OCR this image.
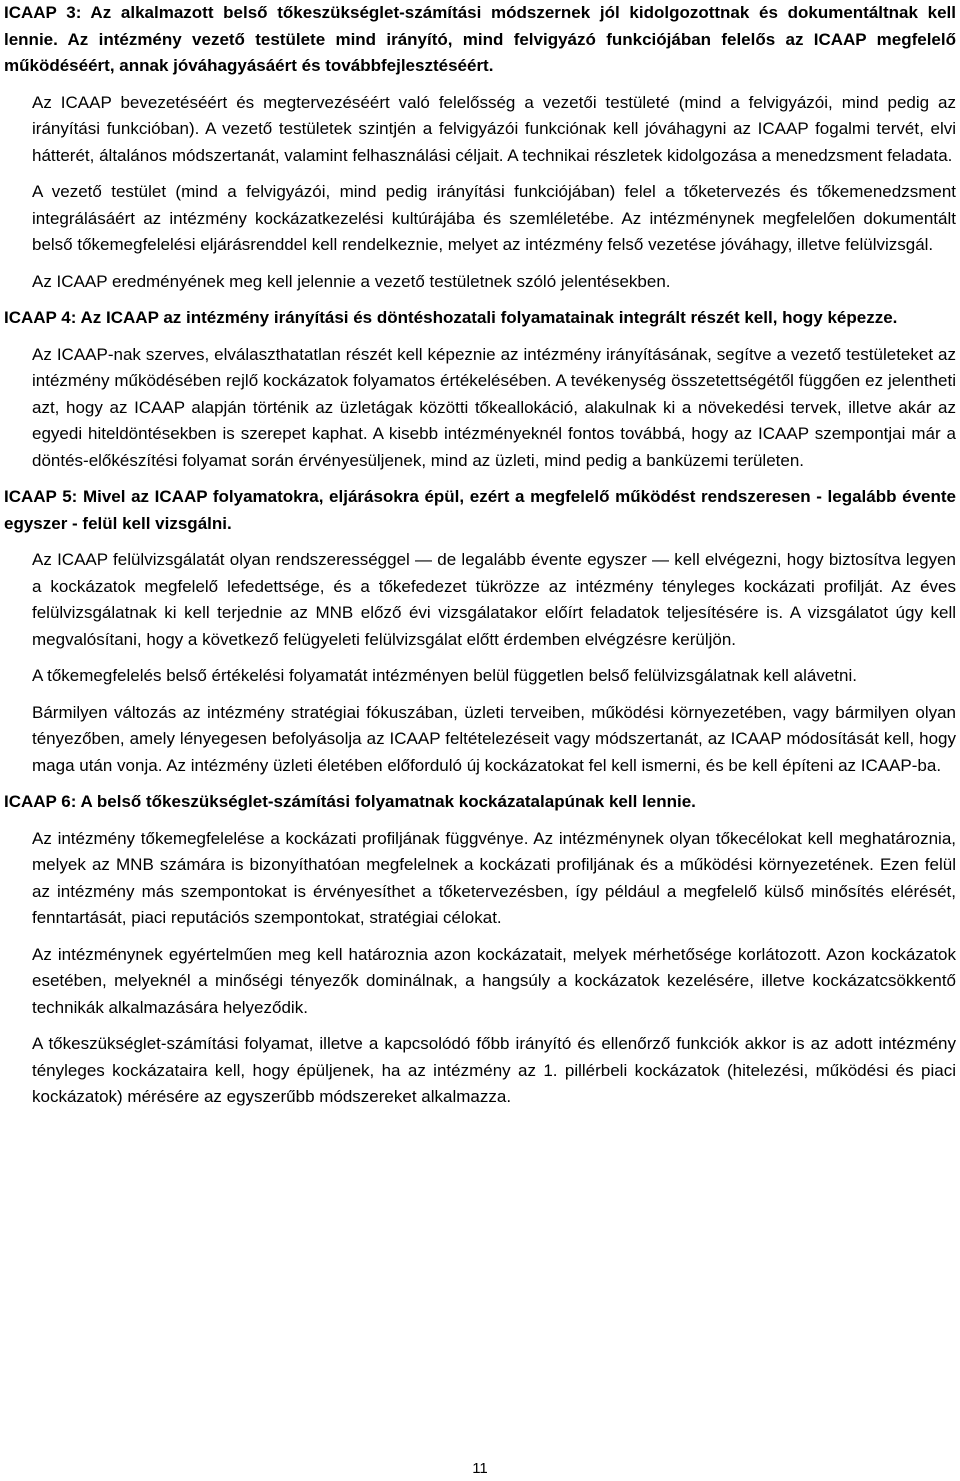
ICAAP 3: Az alkalmazott belső tőkeszükséglet-számítási módszernek jól kidolgozottnak és dokumentáltnak kell lennie. Az intézmény vezető testülete mind irányító, mind felvigyázó funkciójában felelős az ICAAP megfelelő működéséért, annak jóváhagyásáért és továbbfejlesztéséért.

Az ICAAP bevezetéséért és megtervezéséért való felelősség a vezetői testületé (mind a felvigyázói, mind pedig az irányítási funkcióban). A vezető testületek szintjén a felvigyázói funkciónak kell jóváhagyni az ICAAP fogalmi tervét, elvi hátterét, általános módszertanát, valamint felhasználási céljait. A technikai részletek kidolgozása a menedzsment feladata.

A vezető testület (mind a felvigyázói, mind pedig irányítási funkciójában) felel a tőketervezés és tőkemenedzsment integrálásáért az intézmény kockázatkezelési kultúrájába és szemléletébe. Az intézménynek megfelelően dokumentált belső tőkemegfelelési eljárásrenddel kell rendelkeznie, melyet az intézmény felső vezetése jóváhagy, illetve felülvizsgál.

Az ICAAP eredményének meg kell jelennie a vezető testületnek szóló jelentésekben.

ICAAP 4: Az ICAAP az intézmény irányítási és döntéshozatali folyamatainak integrált részét kell, hogy képezze.

Az ICAAP-nak szerves, elválaszthatatlan részét kell képeznie az intézmény irányításának, segítve a vezető testületeket az intézmény működésében rejlő kockázatok folyamatos értékelésében. A tevékenység összetettségétől függően ez jelentheti azt, hogy az ICAAP alapján történik az üzletágak közötti tőkeallokáció, alakulnak ki a növekedési tervek, illetve akár az egyedi hiteldöntésekben is szerepet kaphat. A kisebb intézményeknél fontos továbbá, hogy az ICAAP szempontjai már a döntés-előkészítési folyamat során érvényesüljenek, mind az üzleti, mind pedig a banküzemi területen.

ICAAP 5: Mivel az ICAAP folyamatokra, eljárásokra épül, ezért a megfelelő működést rendszeresen - legalább évente egyszer - felül kell vizsgálni.

Az ICAAP felülvizsgálatát olyan rendszerességgel — de legalább évente egyszer — kell elvégezni, hogy biztosítva legyen a kockázatok megfelelő lefedettsége, és a tőkefedezet tükrözze az intézmény tényleges kockázati profilját. Az éves felülvizsgálatnak ki kell terjednie az MNB előző évi vizsgálatakor előírt feladatok teljesítésére is. A vizsgálatot úgy kell megvalósítani, hogy a következő felügyeleti felülvizsgálat előtt érdemben elvégzésre kerüljön.

A tőkemegfelelés belső értékelési folyamatát intézményen belül független belső felülvizsgálatnak kell alávetni.

Bármilyen változás az intézmény stratégiai fókuszában, üzleti terveiben, működési környezetében, vagy bármilyen olyan tényezőben, amely lényegesen befolyásolja az ICAAP feltételezéseit vagy módszertanát, az ICAAP módosítását kell, hogy maga után vonja. Az intézmény üzleti életében előforduló új kockázatokat fel kell ismerni, és be kell építeni az ICAAP-ba.

ICAAP 6: A belső tőkeszükséglet-számítási folyamatnak kockázatalapúnak kell lennie.

Az intézmény tőkemegfelelése a kockázati profiljának függvénye. Az intézménynek olyan tőkecélokat kell meghatároznia, melyek az MNB számára is bizonyíthatóan megfelelnek a kockázati profiljának és a működési környezetének. Ezen felül az intézmény más szempontokat is érvényesíthet a tőketervezésben, így például a megfelelő külső minősítés elérését, fenntartását, piaci reputációs szempontokat, stratégiai célokat.

Az intézménynek egyértelműen meg kell határoznia azon kockázatait, melyek mérhetősége korlátozott. Azon kockázatok esetében, melyeknél a minőségi tényezők dominálnak, a hangsúly a kockázatok kezelésére, illetve kockázatcsökkentő technikák alkalmazására helyeződik.

A tőkeszükséglet-számítási folyamat, illetve a kapcsolódó főbb irányító és ellenőrző funkciók akkor is az adott intézmény tényleges kockázataira kell, hogy épüljenek, ha az intézmény az 1. pillérbeli kockázatok (hitelezési, működési és piaci kockázatok) mérésére az egyszerűbb módszereket alkalmazza.

11
